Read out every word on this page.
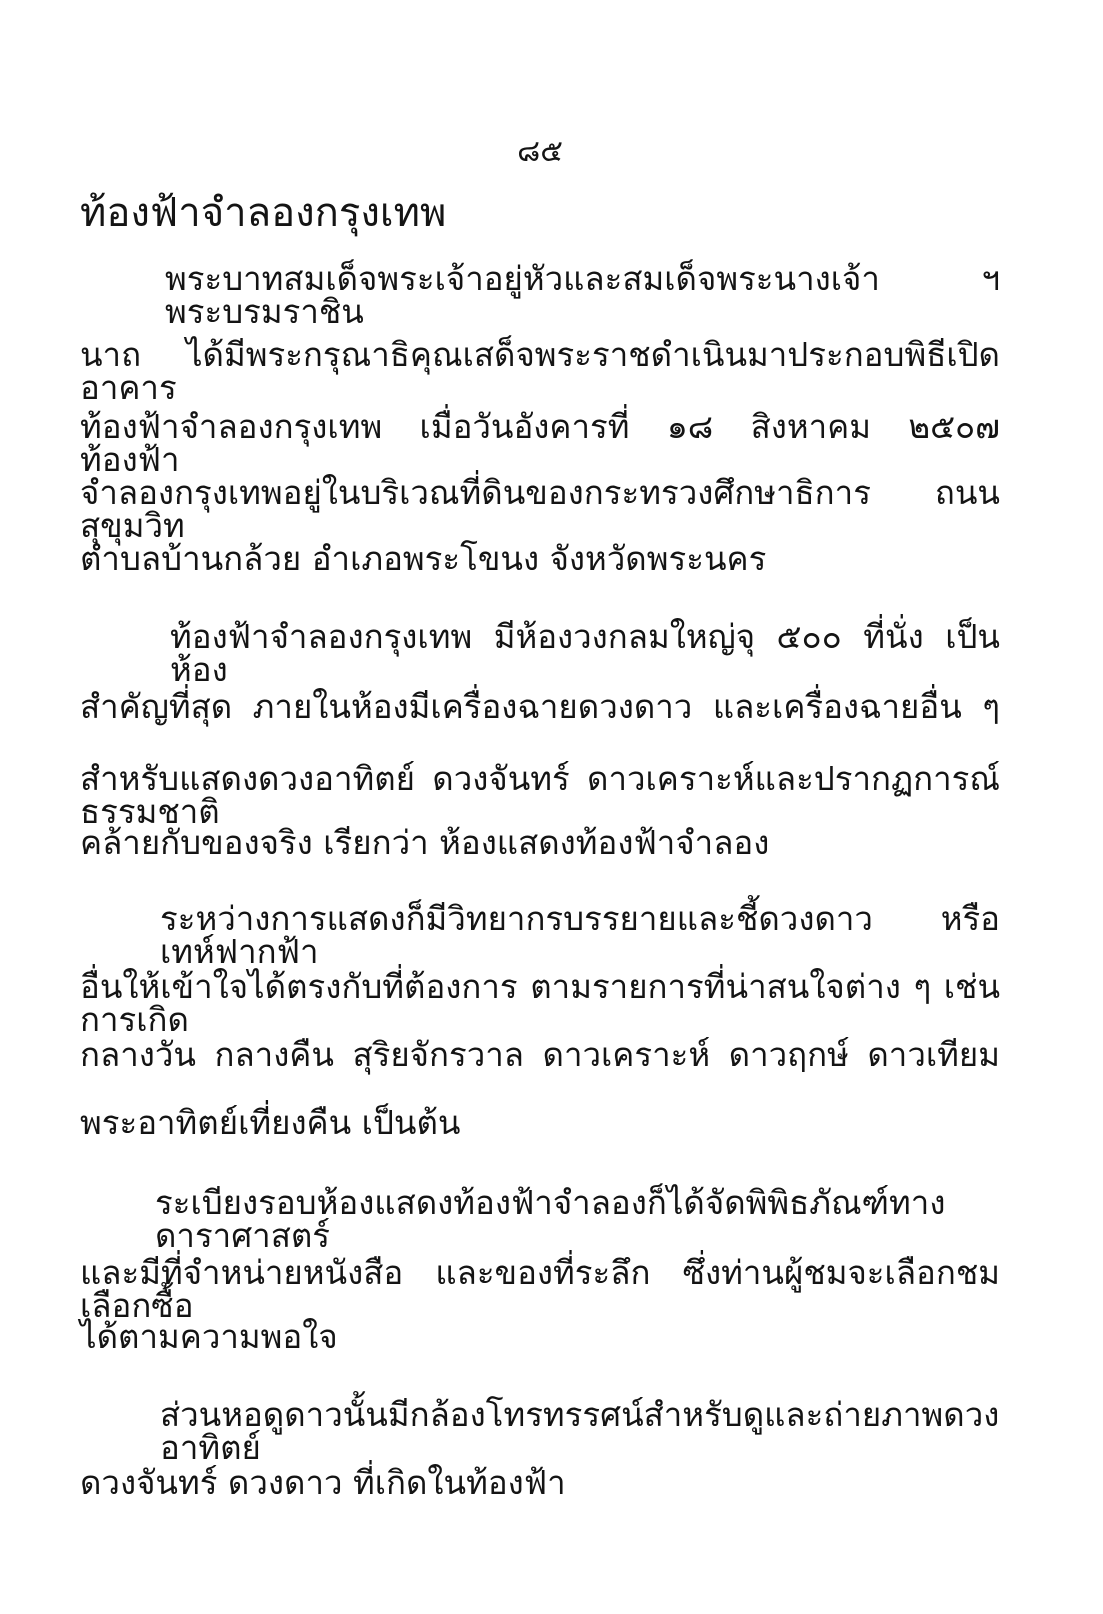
๘๕
ท้องฟ้าจำลองกรุงเทพ
พระบาทสมเด็จพระเจ้าอยู่หัวและสมเด็จพระนางเจ้า ฯ พระบรมราชิน
นาถ ได้มีพระกรุณาธิคุณเสด็จพระราชดำเนินมาประกอบพิธีเปิดอาคาร
ท้องฟ้าจำลองกรุงเทพ เมื่อวันอังคารที่ ๑๘ สิงหาคม ๒๕๐๗ ท้องฟ้า
จำลองกรุงเทพอยู่ในบริเวณที่ดินของกระทรวงศึกษาธิการ ถนนสุขุมวิท
ตำบลบ้านกล้วย อำเภอพระโขนง จังหวัดพระนคร
ท้องฟ้าจำลองกรุงเทพ มีห้องวงกลมใหญ่จุ ๕๐๐ ที่นั่ง เป็นห้อง
สำคัญที่สุด ภายในห้องมีเครื่องฉายดวงดาว และเครื่องฉายอื่น ๆ
สำหรับแสดงดวงอาทิตย์ ดวงจันทร์ ดาวเคราะห์และปรากฏการณ์ธรรมชาติ
คล้ายกับของจริง เรียกว่า ห้องแสดงท้องฟ้าจำลอง
ระหว่างการแสดงก็มีวิทยากรบรรยายและชี้ดวงดาว หรือเทห์ฟากฟ้า
อื่นให้เข้าใจได้ตรงกับที่ต้องการ ตามรายการที่น่าสนใจต่าง ๆ เช่น การเกิด
กลางวัน กลางคืน สุริยจักรวาล ดาวเคราะห์ ดาวฤกษ์ ดาวเทียม
พระอาทิตย์เที่ยงคืน เป็นต้น
ระเบียงรอบห้องแสดงท้องฟ้าจำลองก็ได้จัดพิพิธภัณฑ์ทางดาราศาสตร์
และมีที่จำหน่ายหนังสือ และของที่ระลึก ซึ่งท่านผู้ชมจะเลือกชม เลือกซื้อ
ได้ตามความพอใจ
ส่วนหอดูดาวนั้นมีกล้องโทรทรรศน์สำหรับดูและถ่ายภาพดวงอาทิตย์
ดวงจันทร์ ดวงดาว ที่เกิดในท้องฟ้า
